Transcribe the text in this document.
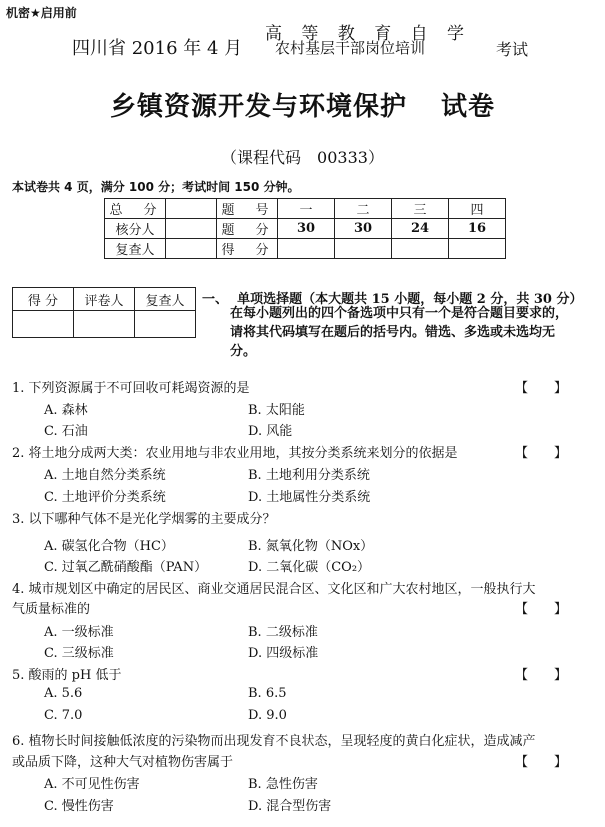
机密★启用前
四川省 2016 年 4 月
高 等 教 育 自 学
农村基层干部岗位培训	考试
乡镇资源开发与环境保护 试卷
（课程代码　00333）
本试卷共 4 页，满分 100 分；考试时间 150 分钟。
总　分		题　号	一	二	三	四
核分人		题　分	30	30	24	16
复查人		得　分				
得 分	评卷人	复查人
		一、 单项选择题（本大题共 15 小题，每小题 2 分，共 30 分）
在每小题列出的四个备选项中只有一个是符合题目要求的，请将其代码填写在题后的括号内。错选、多选或未选均无分。
1. 下列资源属于不可回收可耗竭资源的是	【　　】
A. 森林	B. 太阳能
C. 石油	D. 风能
2. 将土地分成两大类：农业用地与非农业用地，其按分类系统来划分的依据是	【　　】
A. 土地自然分类系统	B. 土地利用分类系统
C. 土地评价分类系统	D. 土地属性分类系统
3. 以下哪种气体不是光化学烟雾的主要成分？
A. 碳氢化合物（HC）	B. 氮氧化物（NOx）
C. 过氧乙酰硝酸酯（PAN）	D. 二氧化碳（CO₂）
4. 城市规划区中确定的居民区、商业交通居民混合区、文化区和广大农村地区，一般执行大
气质量标准的	【　　】
A. 一级标准	B. 二级标准
C. 三级标准	D. 四级标准
5. 酸雨的 pH 低于	【　　】
A. 5.6	B. 6.5
C. 7.0	D. 9.0
6. 植物长时间接触低浓度的污染物而出现发育不良状态，呈现轻度的黄白化症状，造成减产
或品质下降，这种大气对植物伤害属于	【　　】
A. 不可见性伤害	B. 急性伤害
C. 慢性伤害	D. 混合型伤害
